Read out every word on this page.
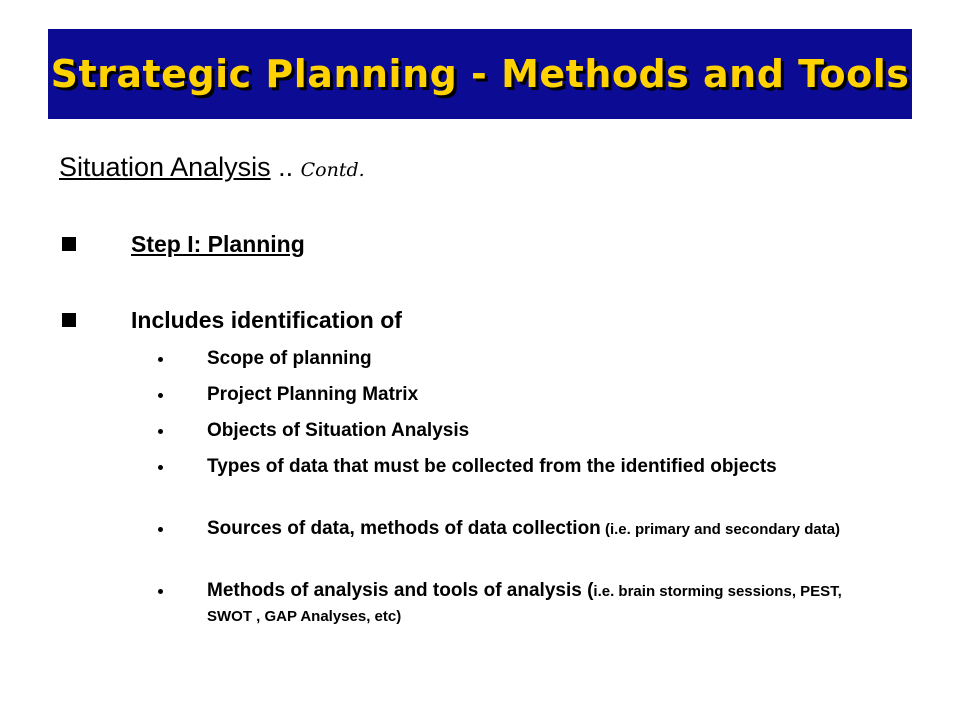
Strategic Planning - Methods and Tools
Situation Analysis .. Contd.
Step I: Planning
Includes identification of
Scope of planning
Project Planning Matrix
Objects of Situation Analysis
Types of data that must be collected from the identified objects
Sources of data, methods of data collection (i.e. primary and secondary data)
Methods of analysis and tools of analysis (i.e. brain storming sessions, PEST, SWOT , GAP Analyses, etc)
